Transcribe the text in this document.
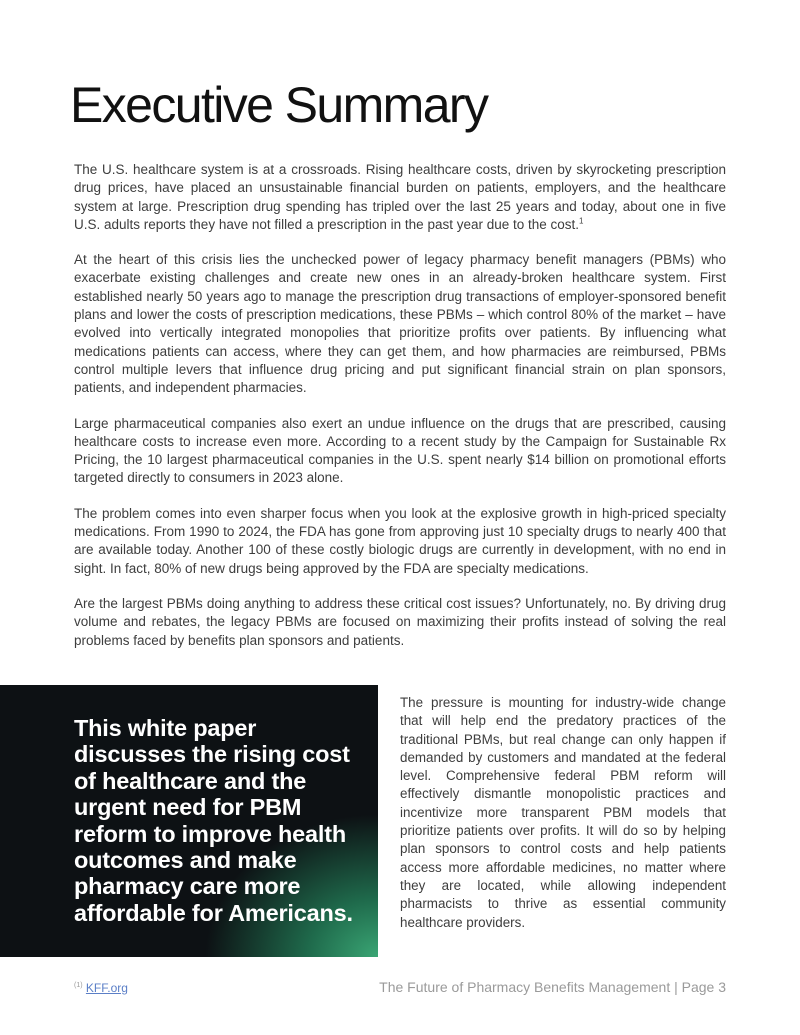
Executive Summary

The U.S. healthcare system is at a crossroads. Rising healthcare costs, driven by skyrocketing prescription drug prices, have placed an unsustainable financial burden on patients, employers, and the healthcare system at large. Prescription drug spending has tripled over the last 25 years and today, about one in five U.S. adults reports they have not filled a prescription in the past year due to the cost.$^1$

At the heart of this crisis lies the unchecked power of legacy pharmacy benefit managers (PBMs) who exacerbate existing challenges and create new ones in an already-broken healthcare system. First established nearly 50 years ago to manage the prescription drug transactions of employer-sponsored benefit plans and lower the costs of prescription medications, these PBMs – which control 80% of the market – have evolved into vertically integrated monopolies that prioritize profits over patients. By influencing what medications patients can access, where they can get them, and how pharmacies are reimbursed, PBMs control multiple levers that influence drug pricing and put significant financial strain on plan sponsors, patients, and independent pharmacies.

Large pharmaceutical companies also exert an undue influence on the drugs that are prescribed, causing healthcare costs to increase even more. According to a recent study by the Campaign for Sustainable Rx Pricing, the 10 largest pharmaceutical companies in the U.S. spent nearly $14 billion on promotional efforts targeted directly to consumers in 2023 alone.

The problem comes into even sharper focus when you look at the explosive growth in high-priced specialty medications. From 1990 to 2024, the FDA has gone from approving just 10 specialty drugs to nearly 400 that are available today. Another 100 of these costly biologic drugs are currently in development, with no end in sight. In fact, 80% of new drugs being approved by the FDA are specialty medications.

Are the largest PBMs doing anything to address these critical cost issues? Unfortunately, no. By driving drug volume and rebates, the legacy PBMs are focused on maximizing their profits instead of solving the real problems faced by benefits plan sponsors and patients.

This white paper discusses the rising cost of healthcare and the urgent need for PBM reform to improve health outcomes and make pharmacy care more affordable for Americans.

The pressure is mounting for industry-wide change that will help end the predatory practices of the traditional PBMs, but real change can only happen if demanded by customers and mandated at the federal level. Comprehensive federal PBM reform will effectively dismantle monopolistic practices and incentivize more transparent PBM models that prioritize patients over profits. It will do so by helping plan sponsors to control costs and help patients access more affordable medicines, no matter where they are located, while allowing independent pharmacists to thrive as essential community healthcare providers.

$^{(1)}$ KFF.org	The Future of Pharmacy Benefits Management | Page 3
